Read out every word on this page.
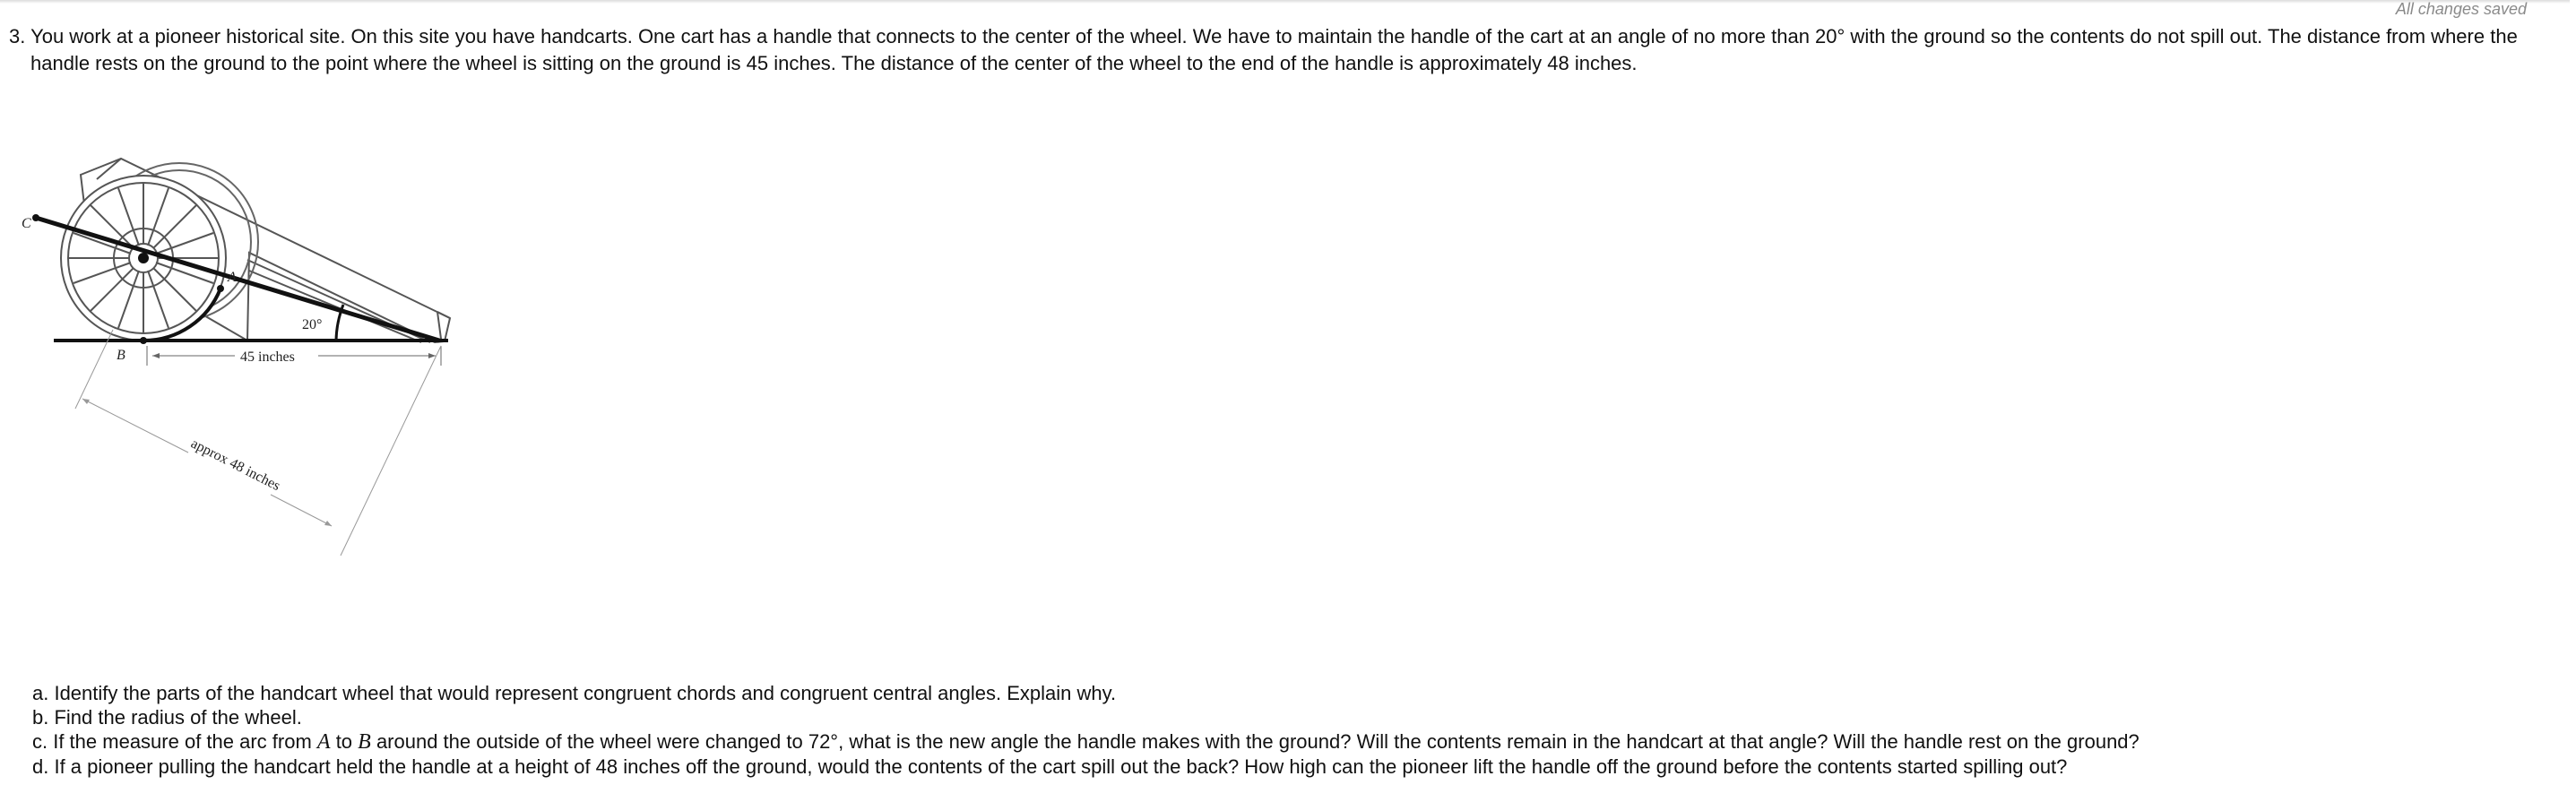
All changes saved
3. You work at a pioneer historical site. On this site you have handcarts. One cart has a handle that connects to the center of the wheel. We have to maintain the handle of the cart at an angle of no more than 20° with the ground so the contents do not spill out. The distance from where the handle rests on the ground to the point where the wheel is sitting on the ground is 45 inches. The distance of the center of the wheel to the end of the handle is approximately 48 inches.
C
A
B
20°
45 inches
approx 48 inches
a. Identify the parts of the handcart wheel that would represent congruent chords and congruent central angles. Explain why.
b. Find the radius of the wheel.
c. If the measure of the arc from A to B around the outside of the wheel were changed to 72°, what is the new angle the handle makes with the ground? Will the contents remain in the handcart at that angle? Will the handle rest on the ground?
d. If a pioneer pulling the handcart held the handle at a height of 48 inches off the ground, would the contents of the cart spill out the back? How high can the pioneer lift the handle off the ground before the contents started spilling out?
